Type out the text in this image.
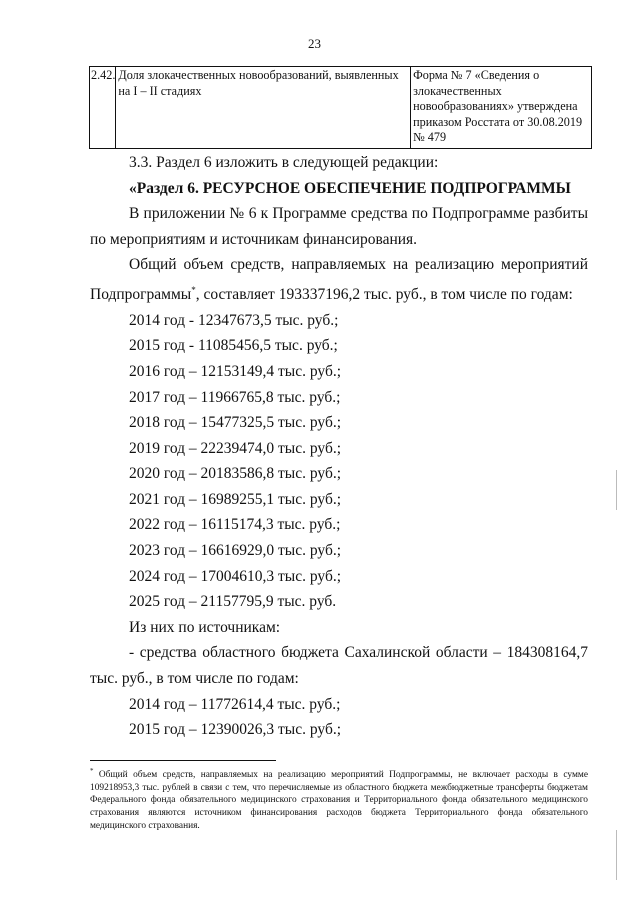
23
2.42.	Доля злокачественных новообразований, выявленных на I – II стадиях	Форма № 7 «Сведения о злокачественных новообразованиях» утверждена приказом Росстата от 30.08.2019 № 479

3.3. Раздел 6 изложить в следующей редакции:

«Раздел 6. РЕСУРСНОЕ ОБЕСПЕЧЕНИЕ ПОДПРОГРАММЫ

В приложении № 6 к Программе средства по Подпрограмме разбиты по мероприятиям и источникам финансирования.

Общий объем средств, направляемых на реализацию мероприятий Подпрограммы*, составляет 193337196,2 тыс. руб., в том числе по годам:

2014 год - 12347673,5 тыс. руб.;

2015 год - 11085456,5 тыс. руб.;

2016 год – 12153149,4 тыс. руб.;

2017 год – 11966765,8 тыс. руб.;

2018 год – 15477325,5 тыс. руб.;

2019 год – 22239474,0 тыс. руб.;

2020 год – 20183586,8 тыс. руб.;

2021 год – 16989255,1 тыс. руб.;

2022 год – 16115174,3 тыс. руб.;

2023 год – 16616929,0 тыс. руб.;

2024 год – 17004610,3 тыс. руб.;

2025 год – 21157795,9 тыс. руб.

Из них по источникам:

- средства областного бюджета Сахалинской области – 184308164,7 тыс. руб., в том числе по годам:

2014 год – 11772614,4 тыс. руб.;

2015 год – 12390026,3 тыс. руб.;

* Общий объем средств, направляемых на реализацию мероприятий Подпрограммы, не включает расходы в сумме 109218953,3 тыс. рублей в связи с тем, что перечисляемые из областного бюджета межбюджетные трансферты бюджетам Федерального фонда обязательного медицинского страхования и Территориального фонда обязательного медицинского страхования являются источником финансирования расходов бюджета Территориального фонда обязательного медицинского страхования.
